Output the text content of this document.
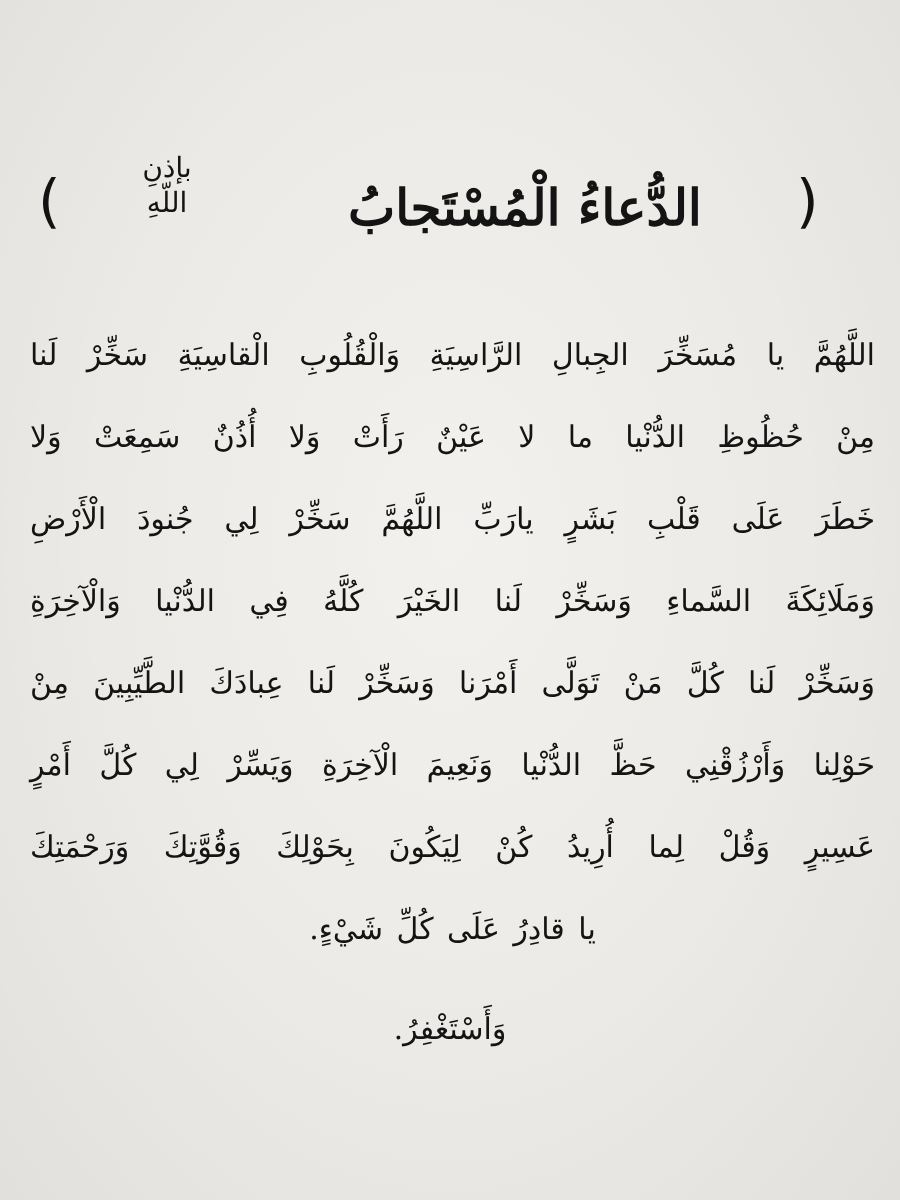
(
الدُّعاءُ الْمُسْتَجابُ
بإذنِ
اللّهِ
)
اللَّهُمَّ يا مُسَخِّرَ الجِبالِ الرَّاسِيَةِ وَالْقُلُوبِ الْقاسِيَةِ سَخِّرْ لَنا
مِنْ حُظُوظِ الدُّنْيا ما لا عَيْنٌ رَأَتْ وَلا أُذُنٌ سَمِعَتْ وَلا
خَطَرَ عَلَى قَلْبِ بَشَرٍ يارَبِّ اللَّهُمَّ سَخِّرْ لِي جُنودَ الْأَرْضِ
وَمَلَائِكَةَ السَّماءِ وَسَخِّرْ لَنا الخَيْرَ كُلَّهُ فِي الدُّنْيا وَالْآخِرَةِ
وَسَخِّرْ لَنا كُلَّ مَنْ تَوَلَّى أَمْرَنا وَسَخِّرْ لَنا عِبادَكَ الطَّيِّبِينَ مِنْ
حَوْلِنا وَأَرْزُقْنِي حَظَّ الدُّنْيا وَنَعِيمَ الْآخِرَةِ وَيَسِّرْ لِي كُلَّ أَمْرٍ
عَسِيرٍ وَقُلْ لِما أُرِيدُ كُنْ لِيَكُونَ بِحَوْلِكَ وَقُوَّتِكَ وَرَحْمَتِكَ
يا قادِرُ عَلَى كُلِّ شَيْءٍ.
وَأَسْتَغْفِرُ.
